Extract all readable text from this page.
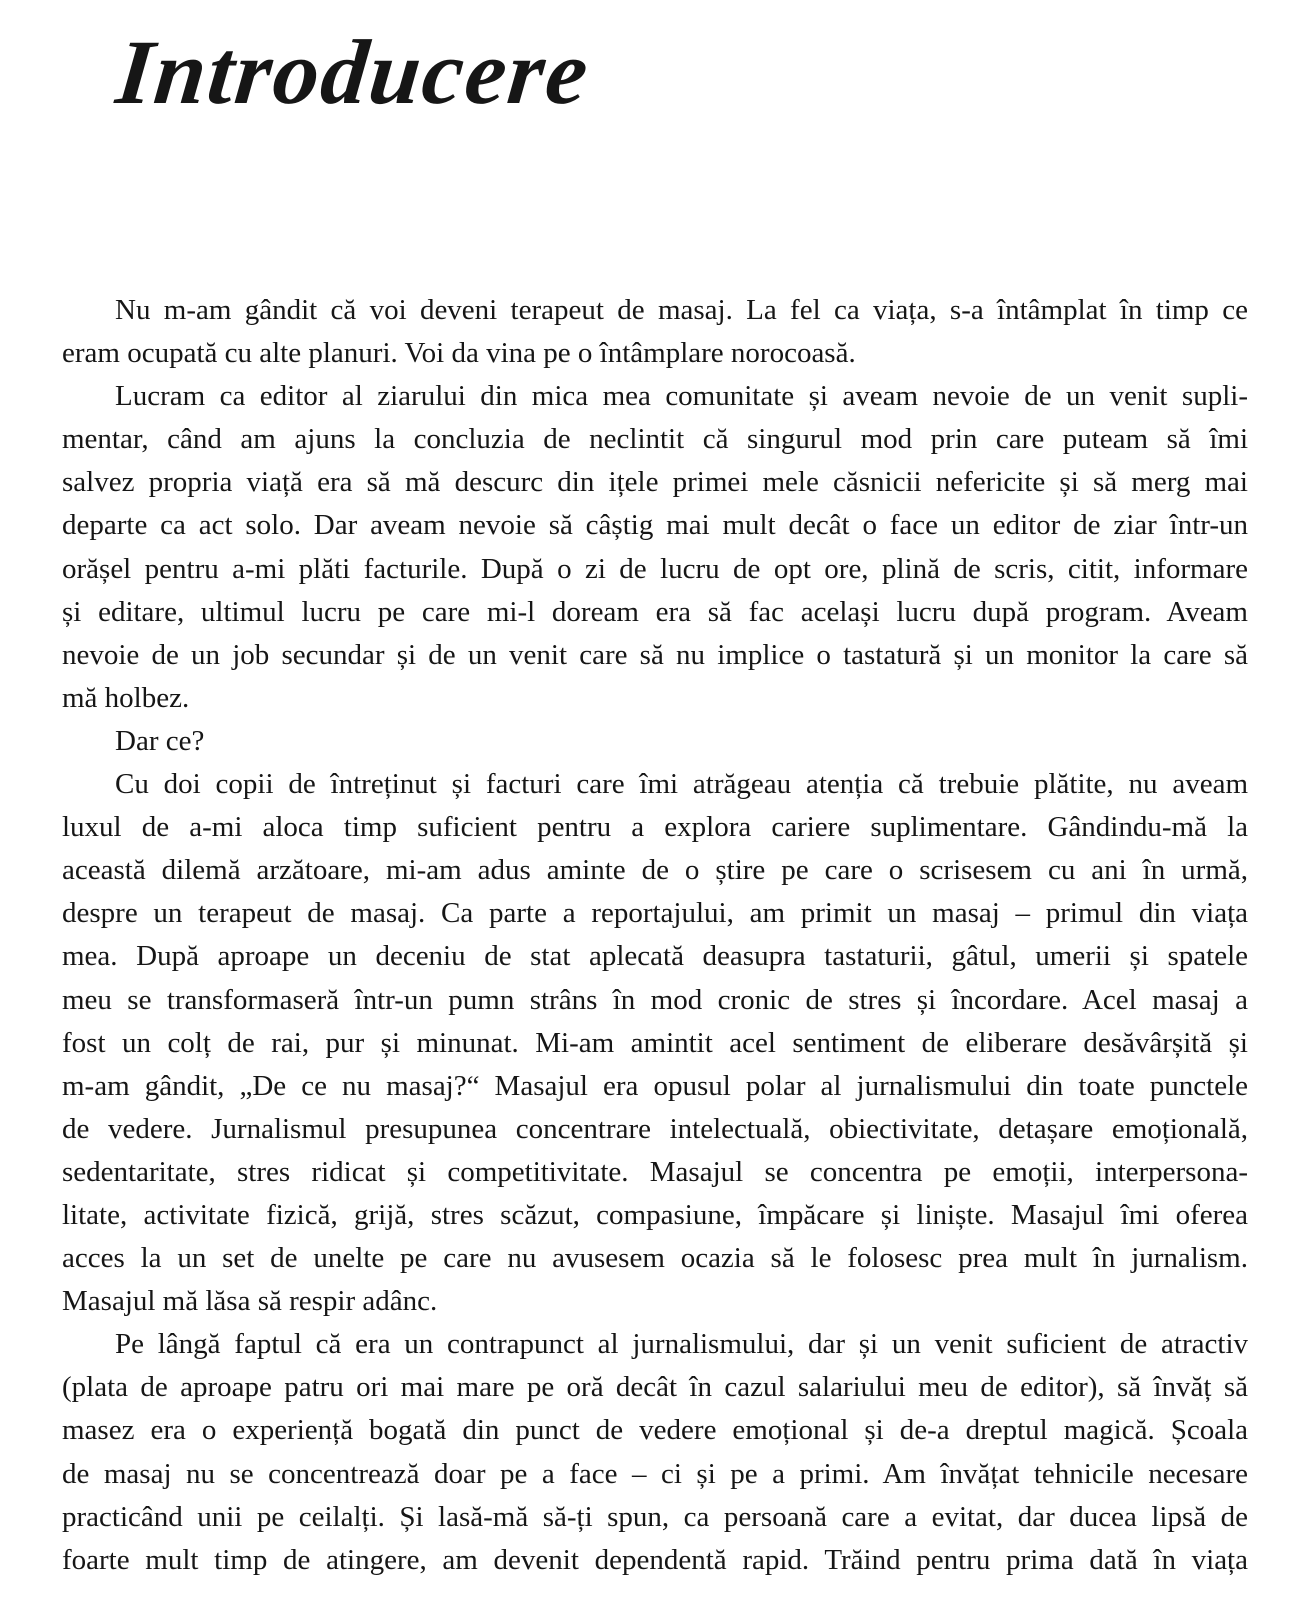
Introducere
Nu m-am gândit că voi deveni terapeut de masaj. La fel ca viața, s-a întâmplat în timp ce
eram ocupată cu alte planuri. Voi da vina pe o întâmplare norocoasă.
Lucram ca editor al ziarului din mica mea comunitate și aveam nevoie de un venit supli-
mentar, când am ajuns la concluzia de neclintit că singurul mod prin care puteam să îmi
salvez propria viață era să mă descurc din ițele primei mele căsnicii nefericite și să merg mai
departe ca act solo. Dar aveam nevoie să câștig mai mult decât o face un editor de ziar într-un
orășel pentru a-mi plăti facturile. După o zi de lucru de opt ore, plină de scris, citit, informare
și editare, ultimul lucru pe care mi-l doream era să fac același lucru după program. Aveam
nevoie de un job secundar și de un venit care să nu implice o tastatură și un monitor la care să
mă holbez.
Dar ce?
Cu doi copii de întreținut și facturi care îmi atrăgeau atenția că trebuie plătite, nu aveam
luxul de a-mi aloca timp suficient pentru a explora cariere suplimentare. Gândindu-mă la
această dilemă arzătoare, mi-am adus aminte de o știre pe care o scrisesem cu ani în urmă,
despre un terapeut de masaj. Ca parte a reportajului, am primit un masaj – primul din viața
mea. După aproape un deceniu de stat aplecată deasupra tastaturii, gâtul, umerii și spatele
meu se transformaseră într-un pumn strâns în mod cronic de stres și încordare. Acel masaj a
fost un colț de rai, pur și minunat. Mi-am amintit acel sentiment de eliberare desăvârșită și
m-am gândit, „De ce nu masaj?“ Masajul era opusul polar al jurnalismului din toate punctele
de vedere. Jurnalismul presupunea concentrare intelectuală, obiectivitate, detașare emoțională,
sedentaritate, stres ridicat și competitivitate. Masajul se concentra pe emoții, interpersona-
litate, activitate fizică, grijă, stres scăzut, compasiune, împăcare și liniște. Masajul îmi oferea
acces la un set de unelte pe care nu avusesem ocazia să le folosesc prea mult în jurnalism.
Masajul mă lăsa să respir adânc.
Pe lângă faptul că era un contrapunct al jurnalismului, dar și un venit suficient de atractiv
(plata de aproape patru ori mai mare pe oră decât în cazul salariului meu de editor), să învăț să
masez era o experiență bogată din punct de vedere emoțional și de-a dreptul magică. Școala
de masaj nu se concentrează doar pe a face – ci și pe a primi. Am învățat tehnicile necesare
practicând unii pe ceilalți. Și lasă-mă să-ți spun, ca persoană care a evitat, dar ducea lipsă de
foarte mult timp de atingere, am devenit dependentă rapid. Trăind pentru prima dată în viața
